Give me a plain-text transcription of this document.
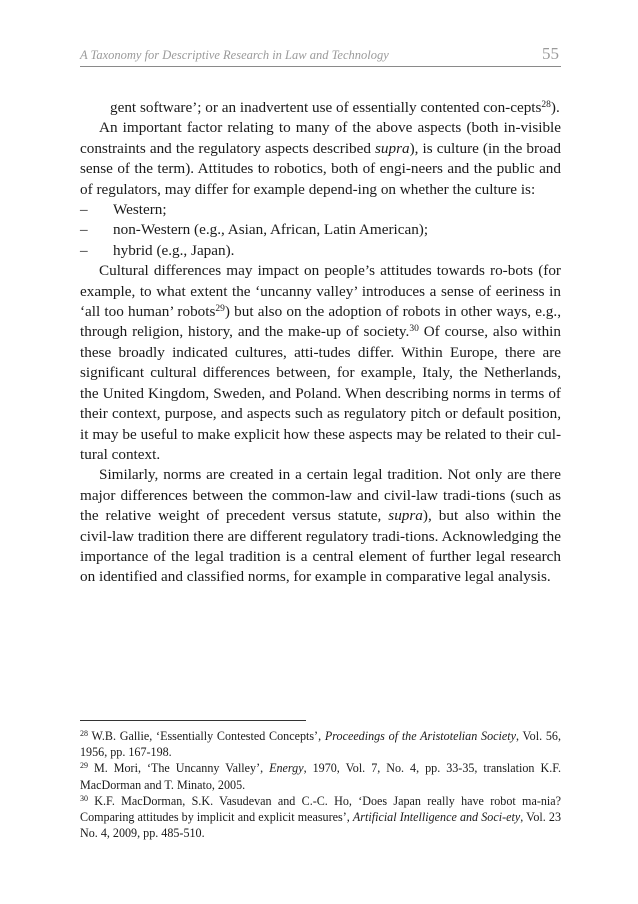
A Taxonomy for Descriptive Research in Law and Technology	55

gent software’; or an inadvertent use of essentially contented con-cepts$^{28}$).

An important factor relating to many of the above aspects (both in-visible constraints and the regulatory aspects described supra), is culture (in the broad sense of the term). Attitudes to robotics, both of engi-neers and the public and of regulators, may differ for example depend-ing on whether the culture is:

– Western;
– non-Western (e.g., Asian, African, Latin American);
– hybrid (e.g., Japan).

Cultural differences may impact on people’s attitudes towards ro-bots (for example, to what extent the ‘uncanny valley’ introduces a sense of eeriness in ‘all too human’ robots$^{29}$) but also on the adoption of robots in other ways, e.g., through religion, history, and the make-up of society.$^{30}$ Of course, also within these broadly indicated cultures, atti-tudes differ. Within Europe, there are significant cultural differences between, for example, Italy, the Netherlands, the United Kingdom, Sweden, and Poland. When describing norms in terms of their context, purpose, and aspects such as regulatory pitch or default position, it may be useful to make explicit how these aspects may be related to their cul-tural context.

Similarly, norms are created in a certain legal tradition. Not only are there major differences between the common-law and civil-law tradi-tions (such as the relative weight of precedent versus statute, supra), but also within the civil-law tradition there are different regulatory tradi-tions. Acknowledging the importance of the legal tradition is a central element of further legal research on identified and classified norms, for example in comparative legal analysis.

$^{28}$ W.B. Gallie, ‘Essentially Contested Concepts’, Proceedings of the Aristotelian Society, Vol. 56, 1956, pp. 167-198.

$^{29}$ M. Mori, ‘The Uncanny Valley’, Energy, 1970, Vol. 7, No. 4, pp. 33-35, translation K.F. MacDorman and T. Minato, 2005.

$^{30}$ K.F. MacDorman, S.K. Vasudevan and C.-C. Ho, ‘Does Japan really have robot ma-nia? Comparing attitudes by implicit and explicit measures’, Artificial Intelligence and Soci-ety, Vol. 23 No. 4, 2009, pp. 485-510.
